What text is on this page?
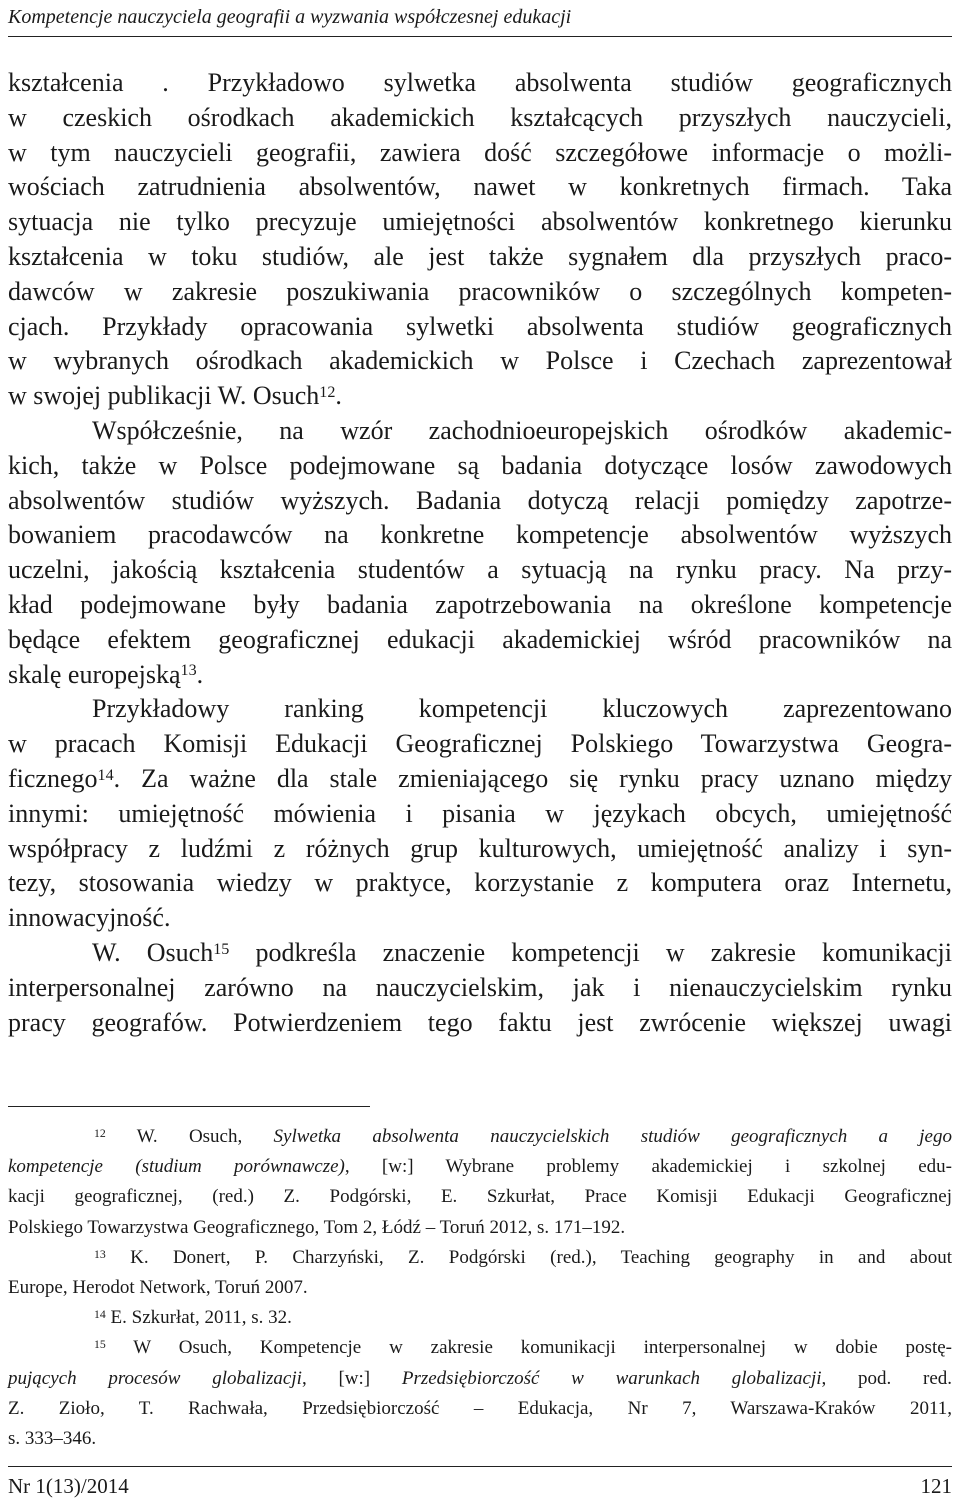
Kompetencje nauczyciela geografii a wyzwania współczesnej edukacji

kształcenia . Przykładowo sylwetka absolwenta studiów geograficznych
w czeskich ośrodkach akademickich kształcących przyszłych nauczycieli,
w tym nauczycieli geografii, zawiera dość szczegółowe informacje o możli-
wościach zatrudnienia absolwentów, nawet w konkretnych firmach. Taka
sytuacja nie tylko precyzuje umiejętności absolwentów konkretnego kierunku
kształcenia w toku studiów, ale jest także sygnałem dla przyszłych praco-
dawców w zakresie poszukiwania pracowników o szczególnych kompeten-
cjach. Przykłady opracowania sylwetki absolwenta studiów geograficznych
w wybranych ośrodkach akademickich w Polsce i Czechach zaprezentował
w swojej publikacji W. Osuch$^{12}$.

Współcześnie, na wzór zachodnioeuropejskich ośrodków akademic-
kich, także w Polsce podejmowane są badania dotyczące losów zawodowych
absolwentów studiów wyższych. Badania dotyczą relacji pomiędzy zapotrze-
bowaniem pracodawców na konkretne kompetencje absolwentów wyższych
uczelni, jakością kształcenia studentów a sytuacją na rynku pracy. Na przy-
kład podejmowane były badania zapotrzebowania na określone kompetencje
będące efektem geograficznej edukacji akademickiej wśród pracowników na
skalę europejską$^{13}$.

Przykładowy ranking kompetencji kluczowych zaprezentowano
w pracach Komisji Edukacji Geograficznej Polskiego Towarzystwa Geogra-
ficznego$^{14}$. Za ważne dla stale zmieniającego się rynku pracy uznano między
innymi: umiejętność mówienia i pisania w językach obcych, umiejętność
współpracy z ludźmi z różnych grup kulturowych, umiejętność analizy i syn-
tezy, stosowania wiedzy w praktyce, korzystanie z komputera oraz Internetu,
innowacyjność.

W. Osuch$^{15}$ podkreśla znaczenie kompetencji w zakresie komunikacji
interpersonalnej zarówno na nauczycielskim, jak i nienauczycielskim rynku
pracy geografów. Potwierdzeniem tego faktu jest zwrócenie większej uwagi

$^{12}$ W. Osuch, Sylwetka absolwenta nauczycielskich studiów geograficznych a jego
kompetencje (studium porównawcze), [w:] Wybrane problemy akademickiej i szkolnej edu-
kacji geograficznej, (red.) Z. Podgórski, E. Szkurłat, Prace Komisji Edukacji Geograficznej
Polskiego Towarzystwa Geograficznego, Tom 2, Łódź – Toruń 2012, s. 171–192.
$^{13}$ K. Donert, P. Charzyński, Z. Podgórski (red.), Teaching geography in and about
Europe, Herodot Network, Toruń 2007.
$^{14}$ E. Szkurłat, 2011, s. 32.
$^{15}$ W Osuch, Kompetencje w zakresie komunikacji interpersonalnej w dobie postę-
pujących procesów globalizacji, [w:] Przedsiębiorczość w warunkach globalizacji, pod. red.
Z. Zioło, T. Rachwała, Przedsiębiorczość – Edukacja, Nr 7, Warszawa-Kraków 2011,
s. 333–346.
Nr 1(13)/2014	121
